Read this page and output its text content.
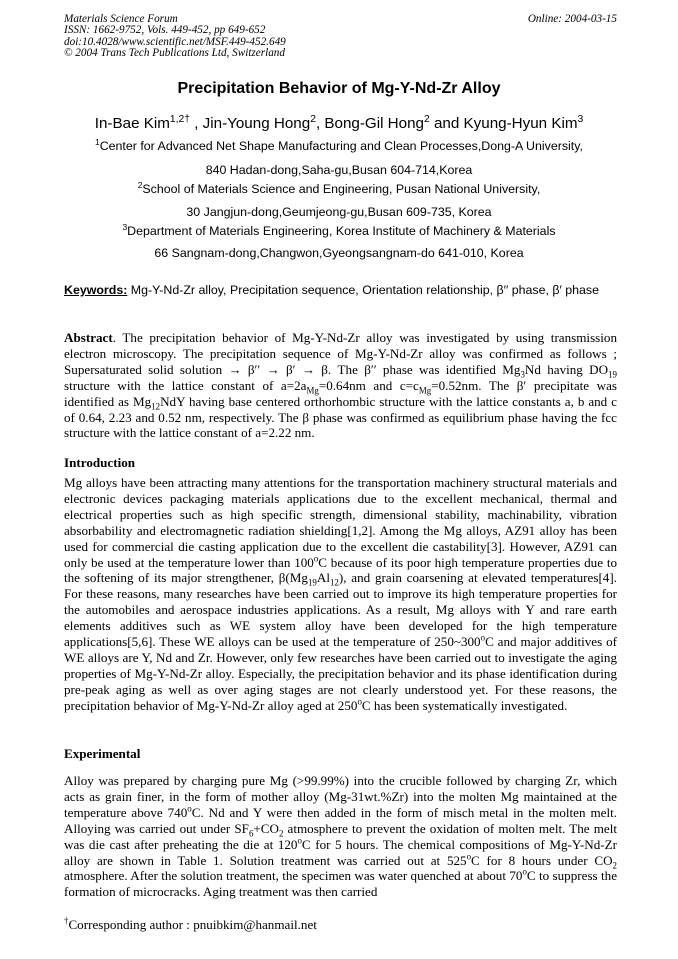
Materials Science Forum
ISSN: 1662-9752, Vols. 449-452, pp 649-652
doi:10.4028/www.scientific.net/MSF.449-452.649
© 2004 Trans Tech Publications Ltd, Switzerland
Online: 2004-03-15
Precipitation Behavior of Mg-Y-Nd-Zr Alloy
In-Bae Kim$^{1,2\dagger}$ , Jin-Young Hong$^2$, Bong-Gil Hong$^2$ and Kyung-Hyun Kim$^3$
$^1$Center for Advanced Net Shape Manufacturing and Clean Processes,Dong-A University,
840 Hadan-dong,Saha-gu,Busan 604-714,Korea
$^2$School of Materials Science and Engineering, Pusan National University,
30 Jangjun-dong,Geumjeong-gu,Busan 609-735, Korea
$^3$Department of Materials Engineering, Korea Institute of Machinery & Materials
66 Sangnam-dong,Changwon,Gyeongsangnam-do 641-010, Korea
Keywords: Mg-Y-Nd-Zr alloy, Precipitation sequence, Orientation relationship, β′′ phase, β′ phase
Abstract. The precipitation behavior of Mg-Y-Nd-Zr alloy was investigated by using transmission electron microscopy. The precipitation sequence of Mg-Y-Nd-Zr alloy was confirmed as follows ; Supersaturated solid solution → β′′ → β′ → β. The β′′ phase was identified $Mg_3Nd$ having $DO_{19}$ structure with the lattice constant of $a=2a_{Mg}=0.64nm$ and $c=c_{Mg}=0.52nm$. The β′ precipitate was identified as $Mg_{12}NdY$ having base centered orthorhombic structure with the lattice constants a, b and c of 0.64, 2.23 and 0.52 nm, respectively. The β phase was confirmed as equilibrium phase having the fcc structure with the lattice constant of a=2.22 nm.
Introduction
Mg alloys have been attracting many attentions for the transportation machinery structural materials and electronic devices packaging materials applications due to the excellent mechanical, thermal and electrical properties such as high specific strength, dimensional stability, machinability, vibration absorbability and electromagnetic radiation shielding[1,2]. Among the Mg alloys, AZ91 alloy has been used for commercial die casting application due to the excellent die castability[3]. However, AZ91 can only be used at the temperature lower than 100$^o$C because of its poor high temperature properties due to the softening of its major strengthener, $\beta(Mg_{19}Al_{12})$, and grain coarsening at elevated temperatures[4]. For these reasons, many researches have been carried out to improve its high temperature properties for the automobiles and aerospace industries applications. As a result, Mg alloys with Y and rare earth elements additives such as WE system alloy have been developed for the high temperature applications[5,6]. These WE alloys can be used at the temperature of 250~300$^o$C and major additives of WE alloys are Y, Nd and Zr. However, only few researches have been carried out to investigate the aging properties of Mg-Y-Nd-Zr alloy. Especially, the precipitation behavior and its phase identification during pre-peak aging as well as over aging stages are not clearly understood yet. For these reasons, the precipitation behavior of Mg-Y-Nd-Zr alloy aged at 250$^o$C has been systematically investigated.
Experimental
Alloy was prepared by charging pure Mg (>99.99%) into the crucible followed by charging Zr, which acts as grain finer, in the form of mother alloy (Mg-31wt.%Zr) into the molten Mg maintained at the temperature above 740$^o$C. Nd and Y were then added in the form of misch metal in the molten melt. Alloying was carried out under $SF_6+CO_2$ atmosphere to prevent the oxidation of molten melt. The melt was die cast after preheating the die at 120$^o$C for 5 hours. The chemical compositions of Mg-Y-Nd-Zr alloy are shown in Table 1. Solution treatment was carried out at 525$^o$C for 8 hours under $CO_2$ atmosphere. After the solution treatment, the specimen was water quenched at about 70$^o$C to suppress the formation of microcracks. Aging treatment was then carried
†Corresponding author : pnuibkim@hanmail.net
